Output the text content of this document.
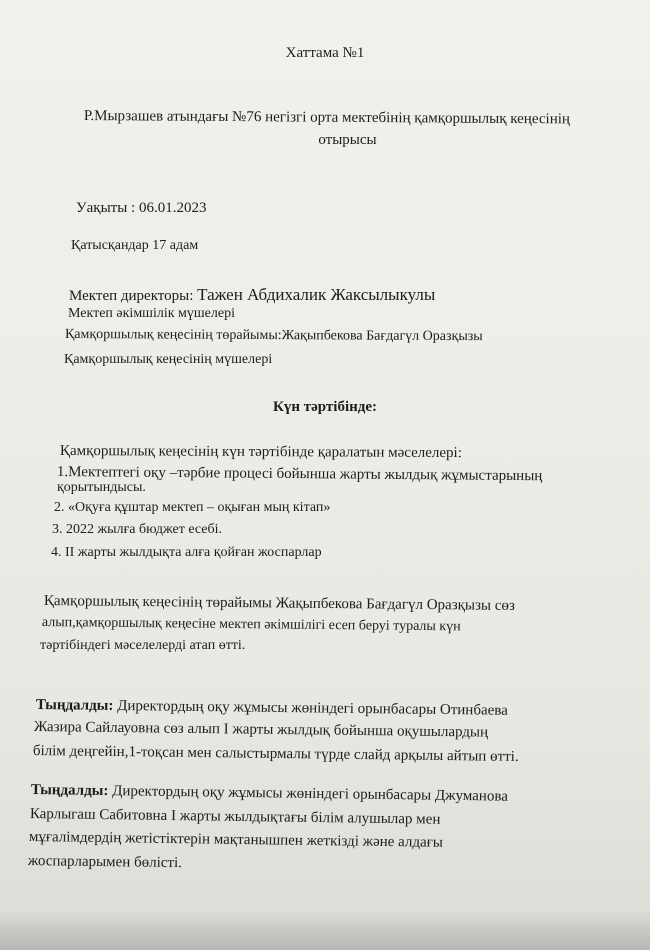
Хаттама №1
Р.Мырзашев атындағы №76 негізгі орта мектебінің қамқоршылық кеңесінің
отырысы
Уақыты : 06.01.2023
Қатысқандар 17 адам
Мектеп директоры: Тажен Абдихалик Жаксылыкулы
Мектеп әкімшілік мүшелері
Қамқоршылық кеңесінің төрайымы:Жақыпбекова Бағдагүл Оразқызы
Қамқоршылық кеңесінің мүшелері
Күн тәртібінде:
Қамқоршылық кеңесінің күн тәртібінде қаралатын мәселелері:
1.Мектептегі оқу –тәрбие процесі бойынша жарты жылдық жұмыстарының
қорытындысы.
2. «Оқуға құштар мектеп – оқыған мың кітап»
3. 2022 жылға бюджет есебі.
4. ІІ жарты жылдықта алға қойған жоспарлар
Қамқоршылық кеңесінің төрайымы Жақыпбекова Бағдагүл Оразқызы сөз
алып,қамқоршылық кеңесіне мектеп әкімшілігі есеп беруі туралы күн
тәртібіндегі мәселелерді атап өтті.
Тыңдалды: Директордың оқу жұмысы жөніндегі орынбасары Отинбаева
Жазира Сайлауовна сөз алып І жарты жылдық бойынша оқушылардың
білім деңгейін,1-тоқсан мен салыстырмалы түрде слайд арқылы айтып өтті.
Тыңдалды: Директордың оқу жұмысы жөніндегі орынбасары Джуманова
Карлыгаш Сабитовна І жарты жылдықтағы білім алушылар мен
мұғалімдердің жетістіктерін мақтанышпен жеткізді және алдағы
жоспарларымен бөлісті.
